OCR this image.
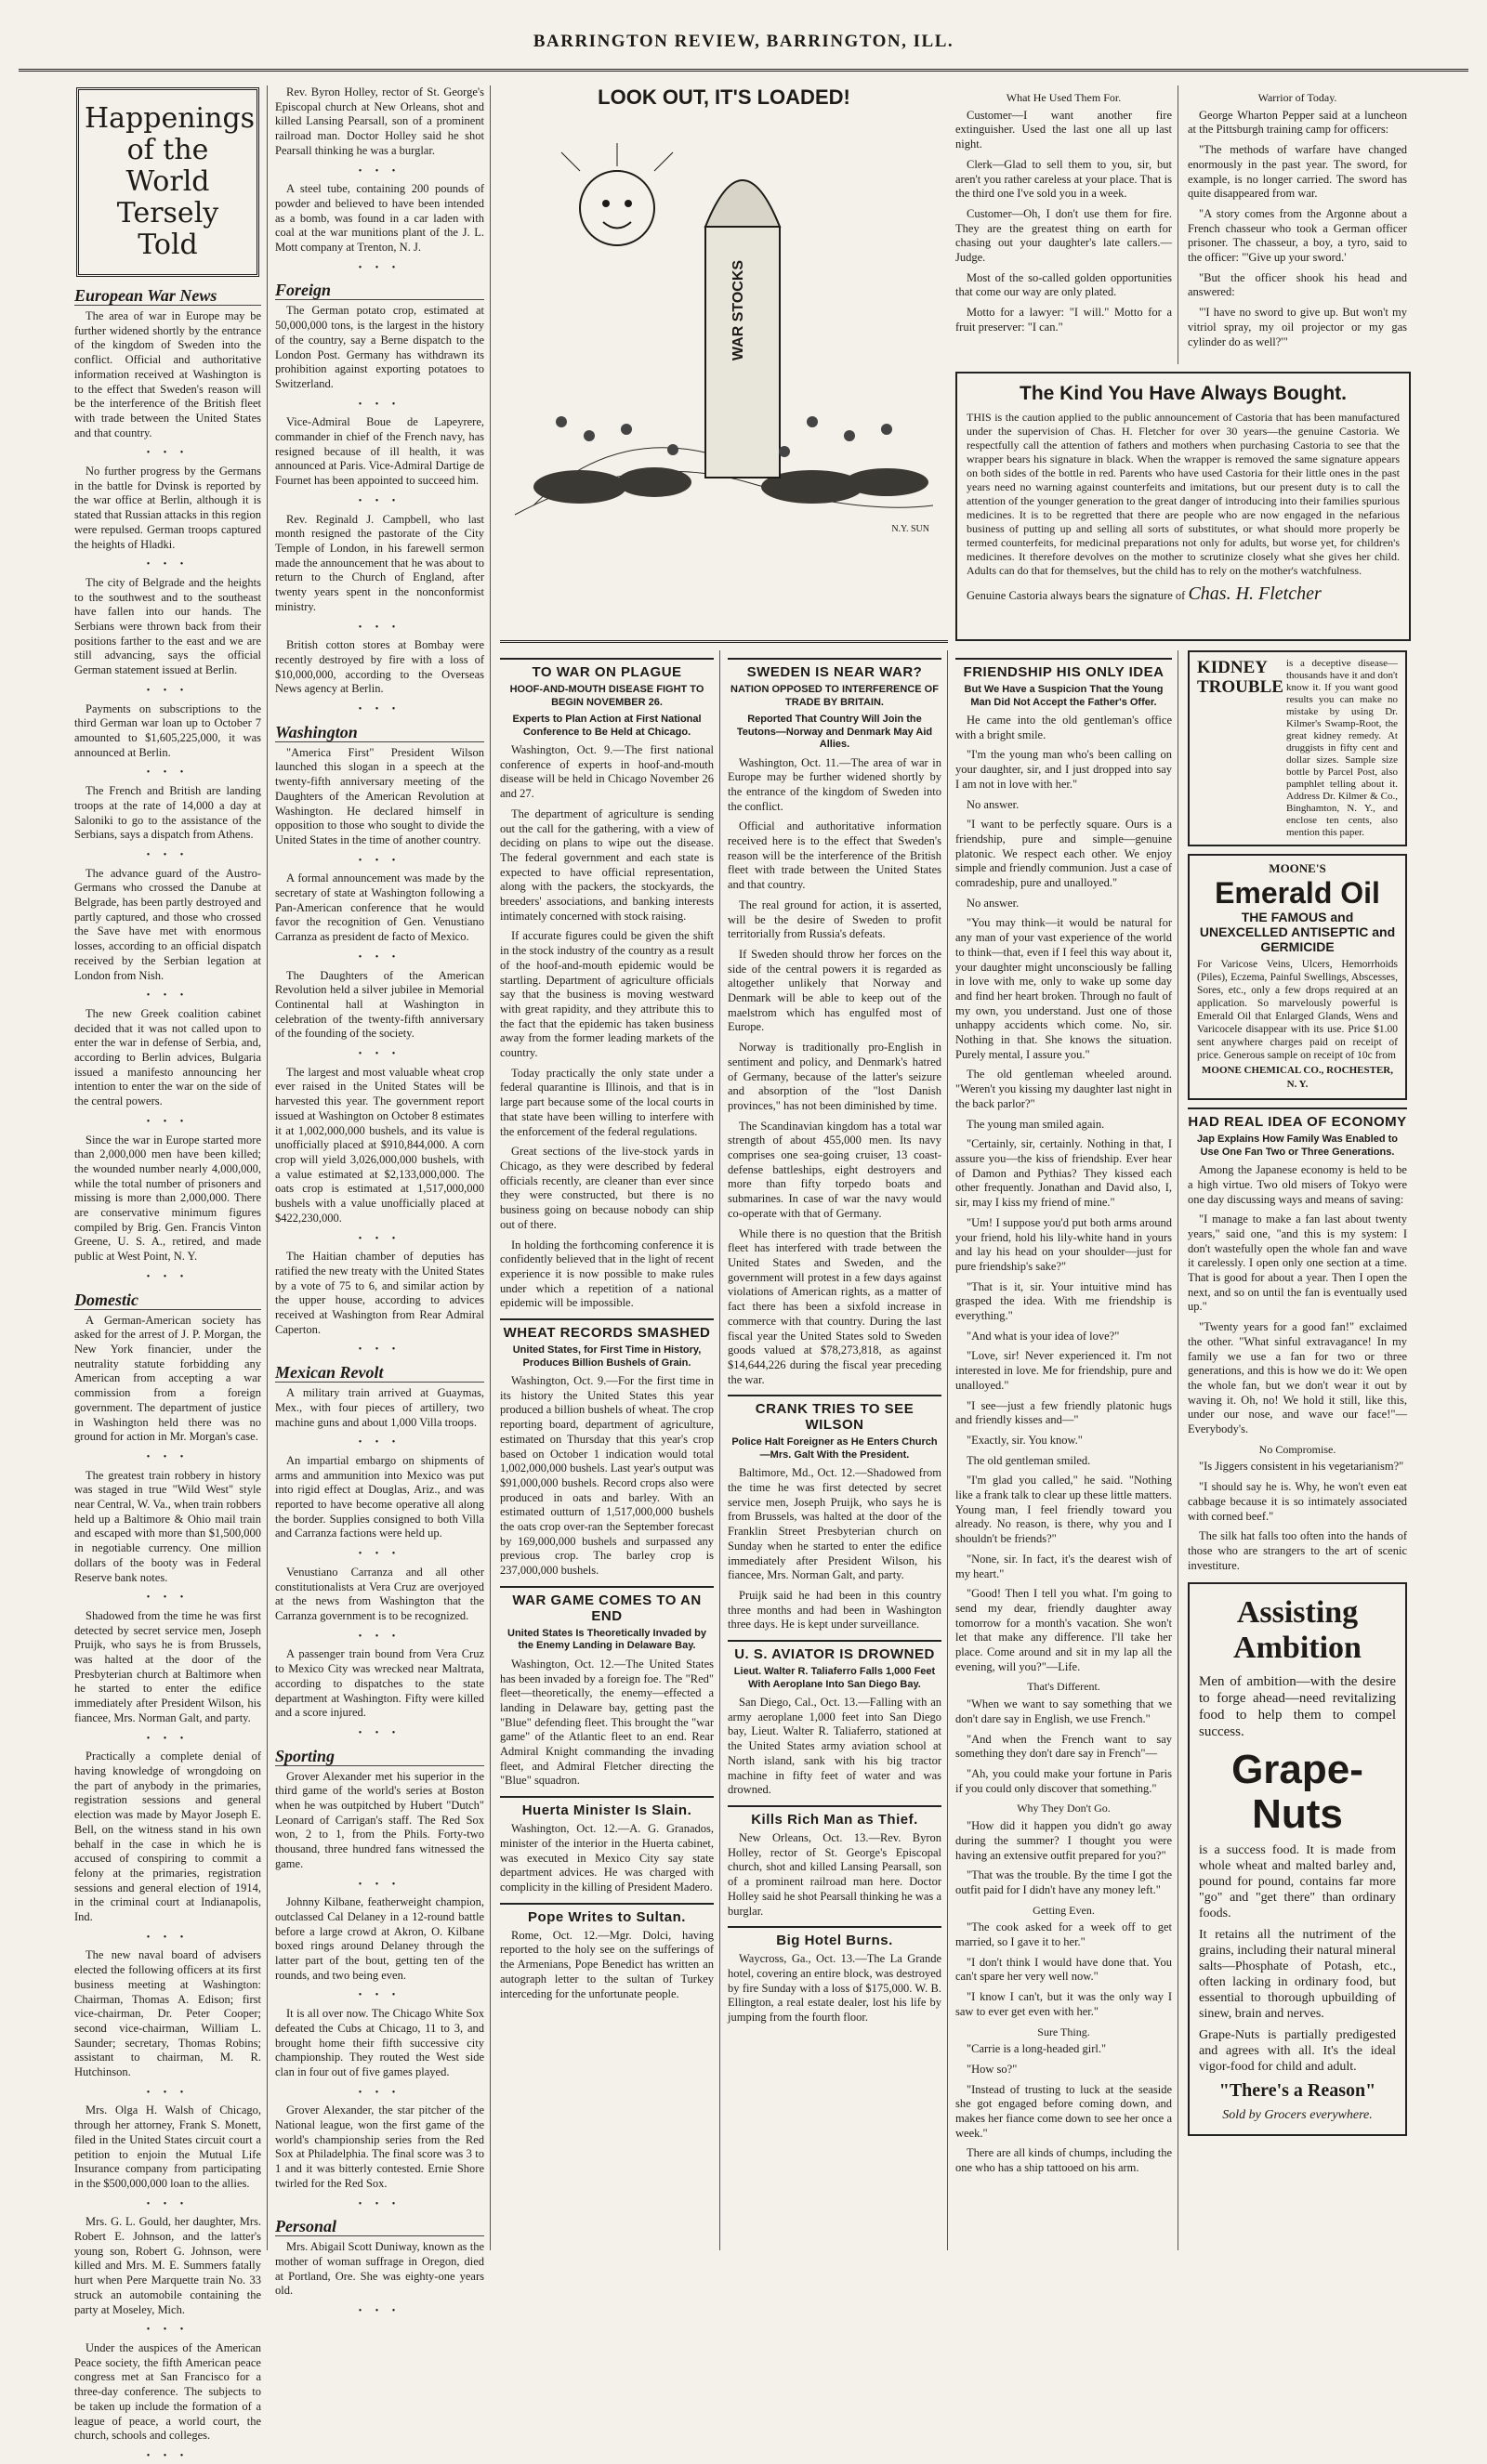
BARRINGTON REVIEW, BARRINGTON, ILL.
Happenings of the World Tersely Told
European War News

The area of war in Europe may be further widened shortly by the entrance of the kingdom of Sweden into the conflict. Official and authoritative information received at Washington is to the effect that Sweden's reason will be the interference of the British fleet with trade between the United States and that country.

• • •

No further progress by the Germans in the battle for Dvinsk is reported by the war office at Berlin, although it is stated that Russian attacks in this region were repulsed. German troops captured the heights of Hladki.

• • •

The city of Belgrade and the heights to the southwest and to the southeast have fallen into our hands. The Serbians were thrown back from their positions farther to the east and we are still advancing, says the official German statement issued at Berlin.

• • •

Payments on subscriptions to the third German war loan up to October 7 amounted to $1,605,225,000, it was announced at Berlin.

• • •

The French and British are landing troops at the rate of 14,000 a day at Saloniki to go to the assistance of the Serbians, says a dispatch from Athens.

• • •

The advance guard of the Austro-Germans who crossed the Danube at Belgrade, has been partly destroyed and partly captured, and those who crossed the Save have met with enormous losses, according to an official dispatch received by the Serbian legation at London from Nish.

• • •

The new Greek coalition cabinet decided that it was not called upon to enter the war in defense of Serbia, and, according to Berlin advices, Bulgaria issued a manifesto announcing her intention to enter the war on the side of the central powers.

• • •

Since the war in Europe started more than 2,000,000 men have been killed; the wounded number nearly 4,000,000, while the total number of prisoners and missing is more than 2,000,000. There are conservative minimum figures compiled by Brig. Gen. Francis Vinton Greene, U. S. A., retired, and made public at West Point, N. Y.

• • •
Domestic

A German-American society has asked for the arrest of J. P. Morgan, the New York financier, under the neutrality statute forbidding any American from accepting a war commission from a foreign government. The department of justice in Washington held there was no ground for action in Mr. Morgan's case.

• • •

The greatest train robbery in history was staged in true "Wild West" style near Central, W. Va., when train robbers held up a Baltimore & Ohio mail train and escaped with more than $1,500,000 in negotiable currency. One million dollars of the booty was in Federal Reserve bank notes.

• • •

Shadowed from the time he was first detected by secret service men, Joseph Pruijk, who says he is from Brussels, was halted at the door of the Presbyterian church at Baltimore when he started to enter the edifice immediately after President Wilson, his fiancee, Mrs. Norman Galt, and party.

• • •

Practically a complete denial of having knowledge of wrongdoing on the part of anybody in the primaries, registration sessions and general election was made by Mayor Joseph E. Bell, on the witness stand in his own behalf in the case in which he is accused of conspiring to commit a felony at the primaries, registration sessions and general election of 1914, in the criminal court at Indianapolis, Ind.

• • •

The new naval board of advisers elected the following officers at its first business meeting at Washington: Chairman, Thomas A. Edison; first vice-chairman, Dr. Peter Cooper; second vice-chairman, William L. Saunder; secretary, Thomas Robins; assistant to chairman, M. R. Hutchinson.

• • •

Mrs. Olga H. Walsh of Chicago, through her attorney, Frank S. Monett, filed in the United States circuit court a petition to enjoin the Mutual Life Insurance company from participating in the $500,000,000 loan to the allies.

• • •

Mrs. G. L. Gould, her daughter, Mrs. Robert E. Johnson, and the latter's young son, Robert G. Johnson, were killed and Mrs. M. E. Summers fatally hurt when Pere Marquette train No. 33 struck an automobile containing the party at Moseley, Mich.

• • •

Under the auspices of the American Peace society, the fifth American peace congress met at San Francisco for a three-day conference. The subjects to be taken up include the formation of a league of peace, a world court, the church, schools and colleges.

• • •

Rev. Byron Holley, rector of St. George's Episcopal church at New Orleans, shot and killed Lansing Pearsall, son of a prominent railroad man. Doctor Holley said he shot Pearsall thinking he was a burglar.

• • •

A steel tube, containing 200 pounds of powder and believed to have been intended as a bomb, was found in a car laden with coal at the war munitions plant of the J. L. Mott company at Trenton, N. J.

• • •
Foreign

The German potato crop, estimated at 50,000,000 tons, is the largest in the history of the country, say a Berne dispatch to the London Post. Germany has withdrawn its prohibition against exporting potatoes to Switzerland.

• • •

Vice-Admiral Boue de Lapeyrere, commander in chief of the French navy, has resigned because of ill health, it was announced at Paris. Vice-Admiral Dartige de Fournet has been appointed to succeed him.

• • •

Rev. Reginald J. Campbell, who last month resigned the pastorate of the City Temple of London, in his farewell sermon made the announcement that he was about to return to the Church of England, after twenty years spent in the nonconformist ministry.

• • •

British cotton stores at Bombay were recently destroyed by fire with a loss of $10,000,000, according to the Overseas News agency at Berlin.

• • •
Washington

"America First" President Wilson launched this slogan in a speech at the twenty-fifth anniversary meeting of the Daughters of the American Revolution at Washington. He declared himself in opposition to those who sought to divide the United States in the time of another country.

• • •

A formal announcement was made by the secretary of state at Washington following a Pan-American conference that he would favor the recognition of Gen. Venustiano Carranza as president de facto of Mexico.

• • •

The Daughters of the American Revolution held a silver jubilee in Memorial Continental hall at Washington in celebration of the twenty-fifth anniversary of the founding of the society.

• • •

The largest and most valuable wheat crop ever raised in the United States will be harvested this year. The government report issued at Washington on October 8 estimates it at 1,002,000,000 bushels, and its value is unofficially placed at $910,844,000. A corn crop will yield 3,026,000,000 bushels, with a value estimated at $2,133,000,000. The oats crop is estimated at 1,517,000,000 bushels with a value unofficially placed at $422,230,000.

• • •

The Haitian chamber of deputies has ratified the new treaty with the United States by a vote of 75 to 6, and similar action by the upper house, according to advices received at Washington from Rear Admiral Caperton.

• • •
Mexican Revolt

A military train arrived at Guaymas, Mex., with four pieces of artillery, two machine guns and about 1,000 Villa troops.

• • •

An impartial embargo on shipments of arms and ammunition into Mexico was put into rigid effect at Douglas, Ariz., and was reported to have become operative all along the border. Supplies consigned to both Villa and Carranza factions were held up.

• • •

Venustiano Carranza and all other constitutionalists at Vera Cruz are overjoyed at the news from Washington that the Carranza government is to be recognized.

• • •

A passenger train bound from Vera Cruz to Mexico City was wrecked near Maltrata, according to dispatches to the state department at Washington. Fifty were killed and a score injured.

• • •
Sporting

Grover Alexander met his superior in the third game of the world's series at Boston when he was outpitched by Hubert "Dutch" Leonard of Carrigan's staff. The Red Sox won, 2 to 1, from the Phils. Forty-two thousand, three hundred fans witnessed the game.

• • •

Johnny Kilbane, featherweight champion, outclassed Cal Delaney in a 12-round battle before a large crowd at Akron, O. Kilbane boxed rings around Delaney through the latter part of the bout, getting ten of the rounds, and two being even.

• • •

It is all over now. The Chicago White Sox defeated the Cubs at Chicago, 11 to 3, and brought home their fifth successive city championship. They routed the West side clan in four out of five games played.

• • •

Grover Alexander, the star pitcher of the National league, won the first game of the world's championship series from the Red Sox at Philadelphia. The final score was 3 to 1 and it was bitterly contested. Ernie Shore twirled for the Red Sox.

• • •
Personal

Mrs. Abigail Scott Duniway, known as the mother of woman suffrage in Oregon, died at Portland, Ore. She was eighty-one years old.

• • •
LOOK OUT, IT'S LOADED!
WAR STOCKS
N.Y. SUN
TO WAR ON PLAGUE
HOOF-AND-MOUTH DISEASE FIGHT TO BEGIN NOVEMBER 26.
Experts to Plan Action at First National Conference to Be Held at Chicago.

Washington, Oct. 9.—The first national conference of experts in hoof-and-mouth disease will be held in Chicago November 26 and 27.

The department of agriculture is sending out the call for the gathering, with a view of deciding on plans to wipe out the disease. The federal government and each state is expected to have official representation, along with the packers, the stockyards, the breeders' associations, and banking interests intimately concerned with stock raising.

If accurate figures could be given the shift in the stock industry of the country as a result of the hoof-and-mouth epidemic would be startling. Department of agriculture officials say that the business is moving westward with great rapidity, and they attribute this to the fact that the epidemic has taken business away from the former leading markets of the country.

Today practically the only state under a federal quarantine is Illinois, and that is in large part because some of the local courts in that state have been willing to interfere with the enforcement of the federal regulations.

Great sections of the live-stock yards in Chicago, as they were described by federal officials recently, are cleaner than ever since they were constructed, but there is no business going on because nobody can ship out of there.

In holding the forthcoming conference it is confidently believed that in the light of recent experience it is now possible to make rules under which a repetition of a national epidemic will be impossible.

WHEAT RECORDS SMASHED
United States, for First Time in History, Produces Billion Bushels of Grain.

Washington, Oct. 9.—For the first time in its history the United States this year produced a billion bushels of wheat. The crop reporting board, department of agriculture, estimated on Thursday that this year's crop based on October 1 indication would total 1,002,000,000 bushels. Last year's output was $91,000,000 bushels. Record crops also were produced in oats and barley. With an estimated outturn of 1,517,000,000 bushels the oats crop over-ran the September forecast by 169,000,000 bushels and surpassed any previous crop. The barley crop is 237,000,000 bushels.

WAR GAME COMES TO AN END
United States Is Theoretically Invaded by the Enemy Landing in Delaware Bay.

Washington, Oct. 12.—The United States has been invaded by a foreign foe. The "Red" fleet—theoretically, the enemy—effected a landing in Delaware bay, getting past the "Blue" defending fleet. This brought the "war game" of the Atlantic fleet to an end. Rear Admiral Knight commanding the invading fleet, and Admiral Fletcher directing the "Blue" squadron.

Huerta Minister Is Slain.

Washington, Oct. 12.—A. G. Granados, minister of the interior in the Huerta cabinet, was executed in Mexico City say state department advices. He was charged with complicity in the killing of President Madero.

Pope Writes to Sultan.

Rome, Oct. 12.—Mgr. Dolci, having reported to the holy see on the sufferings of the Armenians, Pope Benedict has written an autograph letter to the sultan of Turkey interceding for the unfortunate people.

SWEDEN IS NEAR WAR?
NATION OPPOSED TO INTERFERENCE OF TRADE BY BRITAIN.
Reported That Country Will Join the Teutons—Norway and Denmark May Aid Allies.

Washington, Oct. 11.—The area of war in Europe may be further widened shortly by the entrance of the kingdom of Sweden into the conflict.

Official and authoritative information received here is to the effect that Sweden's reason will be the interference of the British fleet with trade between the United States and that country.

The real ground for action, it is asserted, will be the desire of Sweden to profit territorially from Russia's defeats.

If Sweden should throw her forces on the side of the central powers it is regarded as altogether unlikely that Norway and Denmark will be able to keep out of the maelstrom which has engulfed most of Europe.

Norway is traditionally pro-English in sentiment and policy, and Denmark's hatred of Germany, because of the latter's seizure and absorption of the "lost Danish provinces," has not been diminished by time.

The Scandinavian kingdom has a total war strength of about 455,000 men. Its navy comprises one sea-going cruiser, 13 coast-defense battleships, eight destroyers and more than fifty torpedo boats and submarines. In case of war the navy would co-operate with that of Germany.

While there is no question that the British fleet has interfered with trade between the United States and Sweden, and the government will protest in a few days against violations of American rights, as a matter of fact there has been a sixfold increase in commerce with that country. During the last fiscal year the United States sold to Sweden goods valued at $78,273,818, as against $14,644,226 during the fiscal year preceding the war.

CRANK TRIES TO SEE WILSON
Police Halt Foreigner as He Enters Church—Mrs. Galt With the President.

Baltimore, Md., Oct. 12.—Shadowed from the time he was first detected by secret service men, Joseph Pruijk, who says he is from Brussels, was halted at the door of the Franklin Street Presbyterian church on Sunday when he started to enter the edifice immediately after President Wilson, his fiancee, Mrs. Norman Galt, and party.

Pruijk said he had been in this country three months and had been in Washington three days. He is kept under surveillance.

U. S. AVIATOR IS DROWNED
Lieut. Walter R. Taliaferro Falls 1,000 Feet With Aeroplane Into San Diego Bay.

San Diego, Cal., Oct. 13.—Falling with an army aeroplane 1,000 feet into San Diego bay, Lieut. Walter R. Taliaferro, stationed at the United States army aviation school at North island, sank with his big tractor machine in fifty feet of water and was drowned.

Kills Rich Man as Thief.

New Orleans, Oct. 13.—Rev. Byron Holley, rector of St. George's Episcopal church, shot and killed Lansing Pearsall, son of a prominent railroad man here. Doctor Holley said he shot Pearsall thinking he was a burglar.

Big Hotel Burns.

Waycross, Ga., Oct. 13.—The La Grande hotel, covering an entire block, was destroyed by fire Sunday with a loss of $175,000. W. B. Ellington, a real estate dealer, lost his life by jumping from the fourth floor.

What He Used Them For.

Customer—I want another fire extinguisher. Used the last one all up last night.

Clerk—Glad to sell them to you, sir, but aren't you rather careless at your place. That is the third one I've sold you in a week.

Customer—Oh, I don't use them for fire. They are the greatest thing on earth for chasing out your daughter's late callers.—Judge.

Most of the so-called golden opportunities that come our way are only plated.

Motto for a lawyer: "I will." Motto for a fruit preserver: "I can."

Warrior of Today.

George Wharton Pepper said at a luncheon at the Pittsburgh training camp for officers:

"The methods of warfare have changed enormously in the past year. The sword, for example, is no longer carried. The sword has quite disappeared from war.

"A story comes from the Argonne about a French chasseur who took a German officer prisoner. The chasseur, a boy, a tyro, said to the officer: "'Give up your sword.'

"But the officer shook his head and answered:

"'I have no sword to give up. But won't my vitriol spray, my oil projector or my gas cylinder do as well?'"

The Kind You Have Always Bought.
THIS is the caution applied to the public announcement of Castoria that has been manufactured under the supervision of Chas. H. Fletcher for over 30 years—the genuine Castoria. We respectfully call the attention of fathers and mothers when purchasing Castoria to see that the wrapper bears his signature in black. When the wrapper is removed the same signature appears on both sides of the bottle in red. Parents who have used Castoria for their little ones in the past years need no warning against counterfeits and imitations, but our present duty is to call the attention of the younger generation to the great danger of introducing into their families spurious medicines. It is to be regretted that there are people who are now engaged in the nefarious business of putting up and selling all sorts of substitutes, or what should more properly be termed counterfeits, for medicinal preparations not only for adults, but worse yet, for children's medicines. It therefore devolves on the mother to scrutinize closely what she gives her child. Adults can do that for themselves, but the child has to rely on the mother's watchfulness.
Genuine Castoria always bears the signature of Chas. H. Fletcher
FRIENDSHIP HIS ONLY IDEA
But We Have a Suspicion That the Young Man Did Not Accept the Father's Offer.

He came into the old gentleman's office with a bright smile.

"I'm the young man who's been calling on your daughter, sir, and I just dropped into say I am not in love with her."

No answer.

"I want to be perfectly square. Ours is a friendship, pure and simple—genuine platonic. We respect each other. We enjoy simple and friendly communion. Just a case of comradeship, pure and unalloyed."

No answer.

"You may think—it would be natural for any man of your vast experience of the world to think—that, even if I feel this way about it, your daughter might unconsciously be falling in love with me, only to wake up some day and find her heart broken. Through no fault of my own, you understand. Just one of those unhappy accidents which come. No, sir. Nothing in that. She knows the situation. Purely mental, I assure you."

The old gentleman wheeled around. "Weren't you kissing my daughter last night in the back parlor?"

The young man smiled again.

"Certainly, sir, certainly. Nothing in that, I assure you—the kiss of friendship. Ever hear of Damon and Pythias? They kissed each other frequently. Jonathan and David also, I, sir, may I kiss my friend of mine."

"Um! I suppose you'd put both arms around your friend, hold his lily-white hand in yours and lay his head on your shoulder—just for pure friendship's sake?"

"That is it, sir. Your intuitive mind has grasped the idea. With me friendship is everything."

"And what is your idea of love?"

"Love, sir! Never experienced it. I'm not interested in love. Me for friendship, pure and unalloyed."

"I see—just a few friendly platonic hugs and friendly kisses and—"

"Exactly, sir. You know."

The old gentleman smiled.

"I'm glad you called," he said. "Nothing like a frank talk to clear up these little matters. Young man, I feel friendly toward you already. No reason, is there, why you and I shouldn't be friends?"

"None, sir. In fact, it's the dearest wish of my heart."

"Good! Then I tell you what. I'm going to send my dear, friendly daughter away tomorrow for a month's vacation. She won't let that make any difference. I'll take her place. Come around and sit in my lap all the evening, will you?"—Life.

That's Different.

"When we want to say something that we don't dare say in English, we use French."

"And when the French want to say something they don't dare say in French"—

"Ah, you could make your fortune in Paris if you could only discover that something."

Why They Don't Go.

"How did it happen you didn't go away during the summer? I thought you were having an extensive outfit prepared for you?"

"That was the trouble. By the time I got the outfit paid for I didn't have any money left."

Getting Even.

"The cook asked for a week off to get married, so I gave it to her."

"I don't think I would have done that. You can't spare her very well now."

"I know I can't, but it was the only way I saw to ever get even with her."

Sure Thing.

"Carrie is a long-headed girl."

"How so?"

"Instead of trusting to luck at the seaside she got engaged before coming down, and makes her fiance come down to see her once a week."

There are all kinds of chumps, including the one who has a ship tattooed on his arm.

KIDNEY TROUBLE
is a deceptive disease—thousands have it and don't know it. If you want good results you can make no mistake by using Dr. Kilmer's Swamp-Root, the great kidney remedy. At druggists in fifty cent and dollar sizes. Sample size bottle by Parcel Post, also pamphlet telling about it. Address Dr. Kilmer & Co., Binghamton, N. Y., and enclose ten cents, also mention this paper.
MOONE'S
Emerald Oil
THE FAMOUS and UNEXCELLED ANTISEPTIC and GERMICIDE
For Varicose Veins, Ulcers, Hemorrhoids (Piles), Eczema, Painful Swellings, Abscesses, Sores, etc., only a few drops required at an application. So marvelously powerful is Emerald Oil that Enlarged Glands, Wens and Varicocele disappear with its use. Price $1.00 sent anywhere charges paid on receipt of price. Generous sample on receipt of 10c from
MOONE CHEMICAL CO., ROCHESTER, N. Y.
HAD REAL IDEA OF ECONOMY
Jap Explains How Family Was Enabled to Use One Fan Two or Three Generations.

Among the Japanese economy is held to be a high virtue. Two old misers of Tokyo were one day discussing ways and means of saving:

"I manage to make a fan last about twenty years," said one, "and this is my system: I don't wastefully open the whole fan and wave it carelessly. I open only one section at a time. That is good for about a year. Then I open the next, and so on until the fan is eventually used up."

"Twenty years for a good fan!" exclaimed the other. "What sinful extravagance! In my family we use a fan for two or three generations, and this is how we do it: We open the whole fan, but we don't wear it out by waving it. Oh, no! We hold it still, like this, under our nose, and wave our face!"—Everybody's.

No Compromise.

"Is Jiggers consistent in his vegetarianism?"

"I should say he is. Why, he won't even eat cabbage because it is so intimately associated with corned beef."

The silk hat falls too often into the hands of those who are strangers to the art of scenic investiture.

Assisting Ambition
Men of ambition—with the desire to forge ahead—need revitalizing food to help them to compel success.
Grape-Nuts
is a success food. It is made from whole wheat and malted barley and, pound for pound, contains far more "go" and "get there" than ordinary foods.
It retains all the nutriment of the grains, including their natural mineral salts—Phosphate of Potash, etc., often lacking in ordinary food, but essential to thorough upbuilding of sinew, brain and nerves.
Grape-Nuts is partially predigested and agrees with all. It's the ideal vigor-food for child and adult.
"There's a Reason"
Sold by Grocers everywhere.
